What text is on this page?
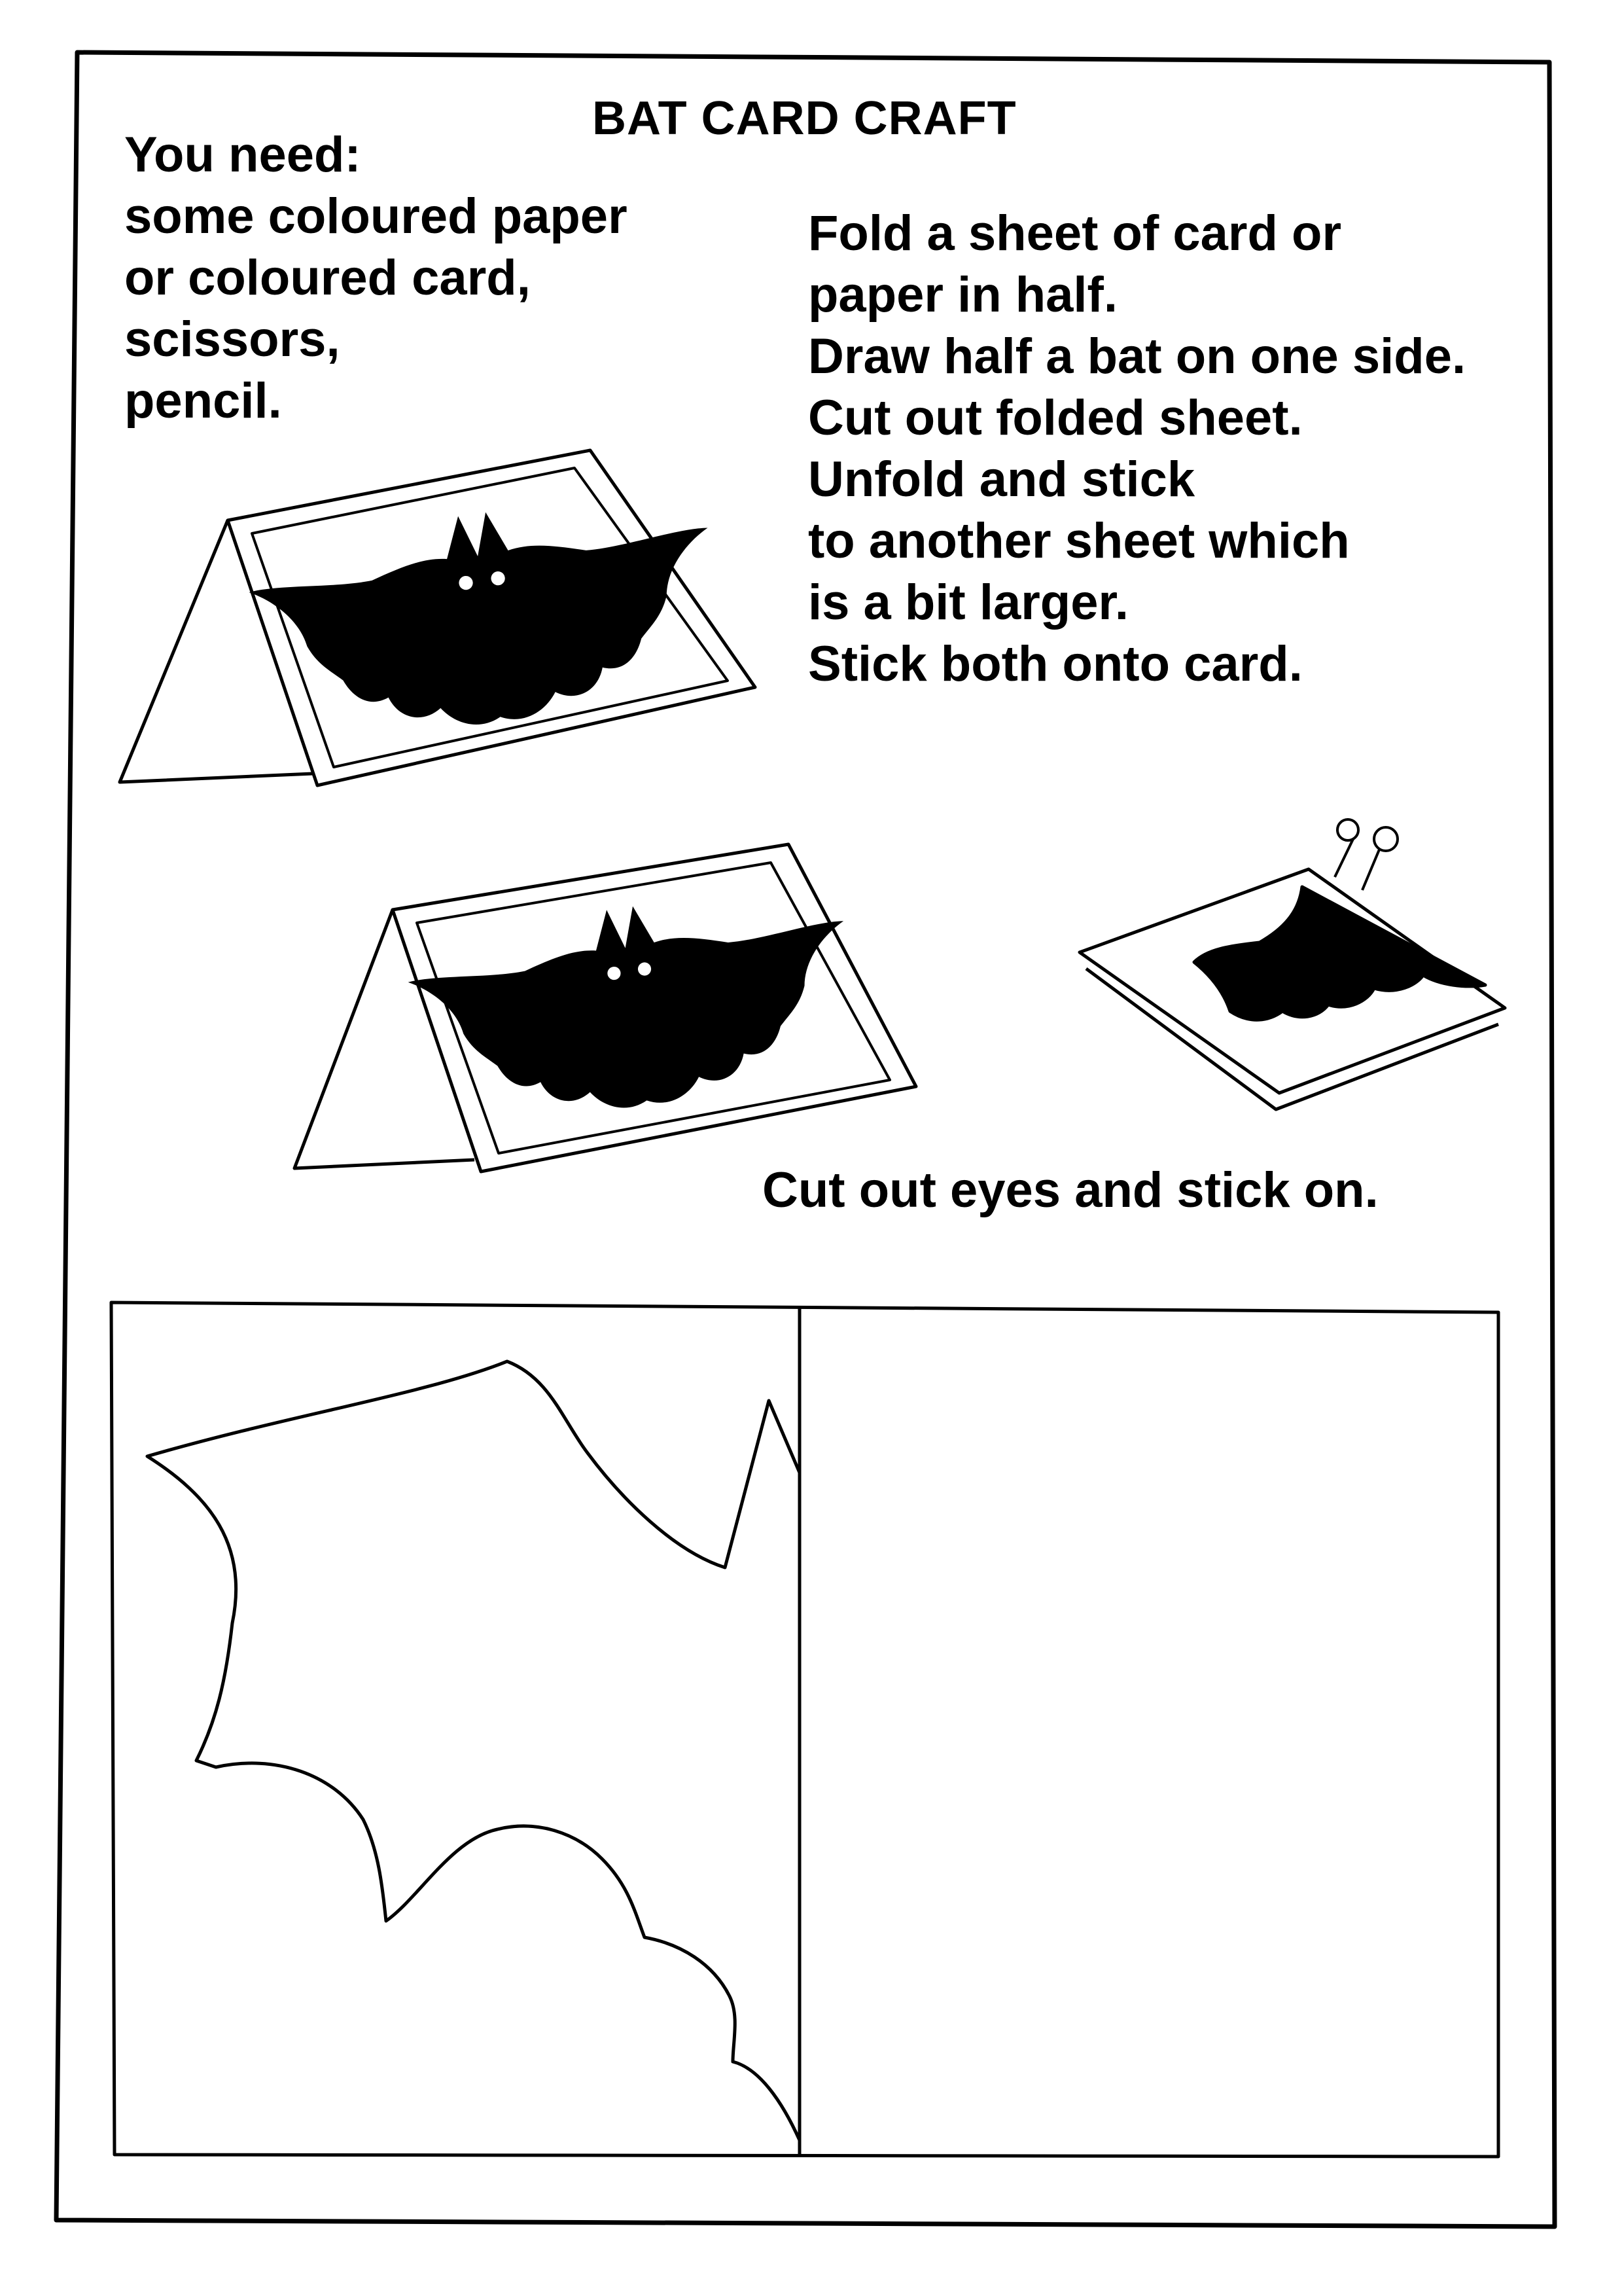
BAT CARD CRAFT
You need:
some coloured paper
or coloured card,
scissors,
pencil.
Fold a sheet of card or
paper in half.
Draw half a bat on one side.
Cut out folded sheet.
Unfold and stick
to another sheet which
is a bit larger.
Stick both onto card.
Cut out eyes and stick on.
